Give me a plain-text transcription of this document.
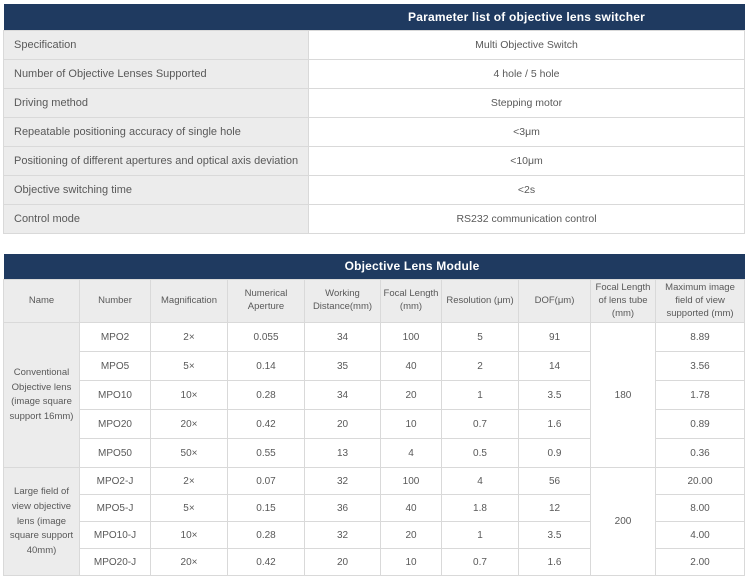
	Parameter list of objective lens switcher
Specification	Multi Objective Switch
Number of Objective Lenses Supported	4 hole / 5 hole
Driving method	Stepping motor
Repeatable positioning accuracy of single hole	<3μm
Positioning of different apertures and optical axis deviation	<10μm
Objective switching time	<2s
Control mode	RS232 communication control
	Objective Lens Module								
Name	Number	Magnification	Numerical Aperture	Working Distance(mm)	Focal Length (mm)	Resolution (μm)	DOF(μm)	Focal Length of lens tube (mm)	Maximum image field of view supported (mm)
Conventional Objective lens (image square support 16mm)	MPO2	2×	0.055	34	100	5	91	180	8.89
	MPO5	5×	0.14	35	40	2	14		3.56
	MPO10	10×	0.28	34	20	1	3.5		1.78
	MPO20	20×	0.42	20	10	0.7	1.6		0.89
	MPO50	50×	0.55	13	4	0.5	0.9		0.36
Large field of view objective lens (image square support 40mm)	MPO2-J	2×	0.07	32	100	4	56	200	20.00
	MPO5-J	5×	0.15	36	40	1.8	12		8.00
	MPO10-J	10×	0.28	32	20	1	3.5		4.00
	MPO20-J	20×	0.42	20	10	0.7	1.6		2.00
